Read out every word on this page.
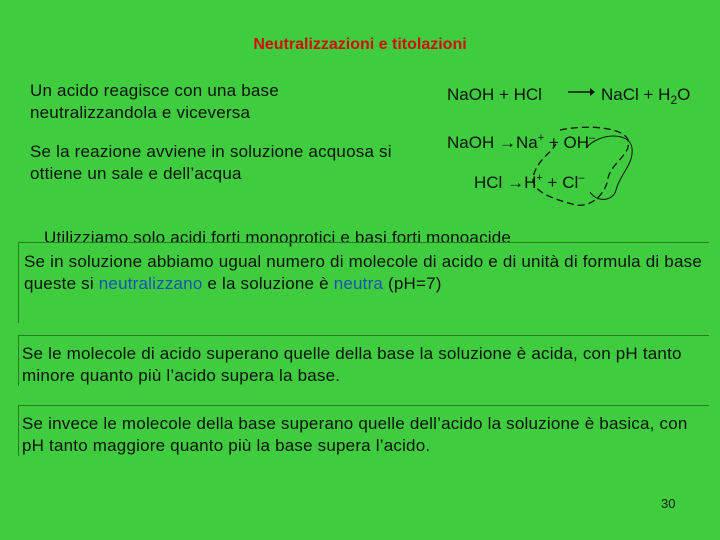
Neutralizzazioni e titolazioni
Un acido reagisce con una base neutralizzandola e viceversa
Se la reazione avviene in soluzione acquosa si ottiene un sale e dell’acqua
NaOH + HCl → NaCl + $H_2O$
NaOH →Na+ + OH–
HCl →H+ + Cl–
Utilizziamo solo acidi forti monoprotici e basi forti monoacide
Se in soluzione abbiamo ugual numero di molecole di acido e di unità di formula di base queste si neutralizzano e la soluzione è neutra (pH=7)
Se le molecole di acido superano quelle della base la soluzione è acida, con pH tanto minore quanto più l’acido supera la base.
Se invece le molecole della base superano quelle dell’acido la soluzione è basica, con pH tanto maggiore quanto più la base supera l’acido.
30
